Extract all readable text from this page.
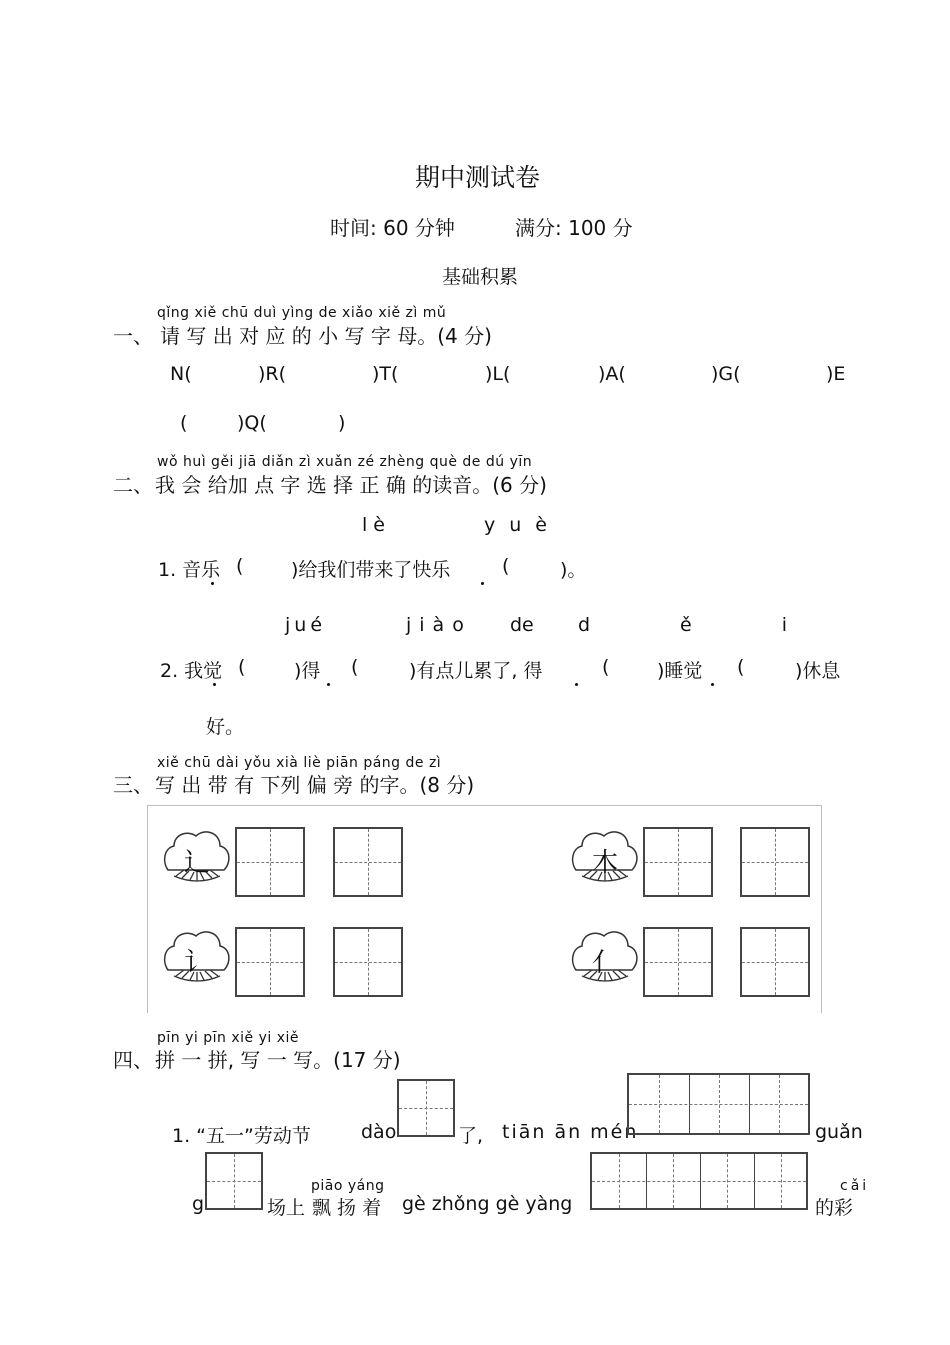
期中测试卷
时间: 60 分钟	满分: 100 分
基础积累
qǐng xiě chū duì yìng de xiǎo xiě zì mǔ
一、 请 写 出 对 应 的 小 写 字 母。(4 分)
N(	)R(	)T(	)L(	)A(	)G(	)E
(	)Q(	)
wǒ huì gěi jiā diǎn zì xuǎn zé zhèng què de dú yīn
二、 我 会 给加 点 字 选 择 正 确 的读音。(6 分)
lè	yuè
1. 音乐 (	)给我们带来了快乐	(	)。
jué	jiào de děi
2. 我觉 (	)得 (	)有点儿累了, 得	(	)睡觉 (	)休息
好。
xiě chū dài yǒu xià liè piān páng de zì
三、 写 出 带 有 下列 偏 旁 的字。(8 分)
辶	木
讠	亻
pīn yi pīn xiě yi xiě
四、 拼 一 拼, 写 一 写。(17 分)
1. “五一”劳动节	dào	了, tiān ān mén	guǎn
piāo yáng	cǎi
g	场上 飘 扬 着 gè zhǒng gè yàng	的彩
